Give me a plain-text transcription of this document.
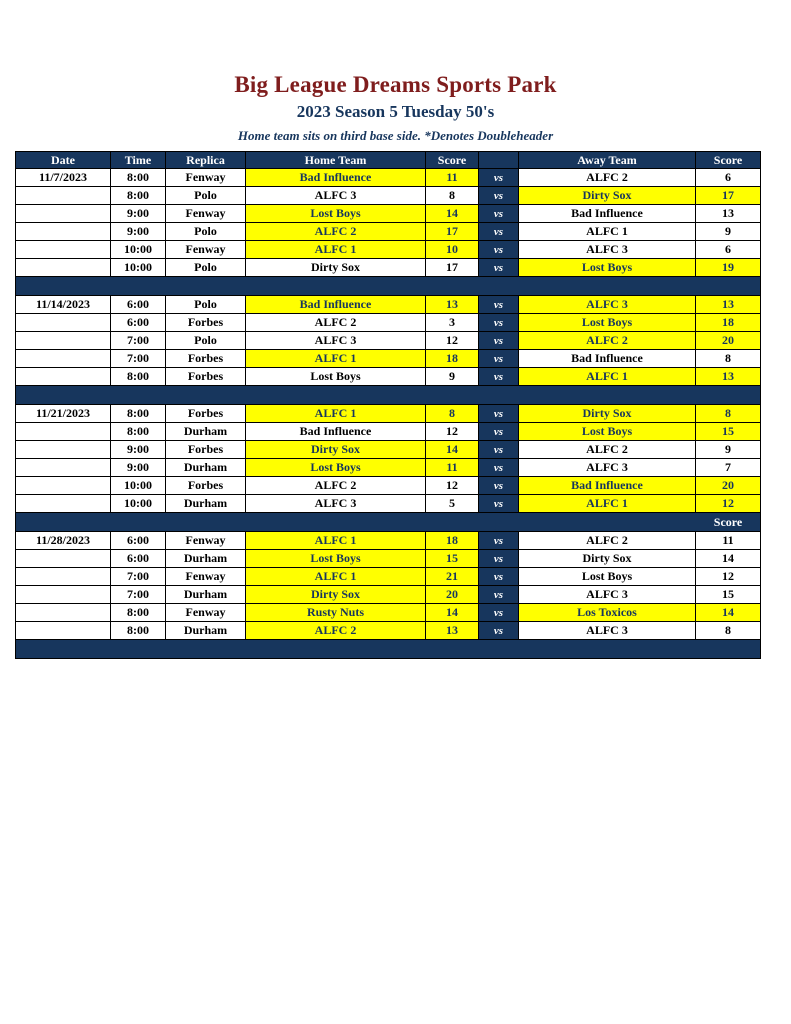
Big League Dreams Sports Park
2023 Season 5 Tuesday 50's
Home team sits on third base side. *Denotes Doubleheader
Date	Time	Replica	Home Team	Score		Away Team	Score
11/7/2023	8:00	Fenway	Bad Influence	11	vs	ALFC 2	6
	8:00	Polo	ALFC 3	8	vs	Dirty Sox	17
	9:00	Fenway	Lost Boys	14	vs	Bad Influence	13
	9:00	Polo	ALFC 2	17	vs	ALFC 1	9
	10:00	Fenway	ALFC 1	10	vs	ALFC 3	6
	10:00	Polo	Dirty Sox	17	vs	Lost Boys	19

11/14/2023	6:00	Polo	Bad Influence	13	vs	ALFC 3	13
	6:00	Forbes	ALFC 2	3	vs	Lost Boys	18
	7:00	Polo	ALFC 3	12	vs	ALFC 2	20
	7:00	Forbes	ALFC 1	18	vs	Bad Influence	8
	8:00	Forbes	Lost Boys	9	vs	ALFC 1	13

11/21/2023	8:00	Forbes	ALFC 1	8	vs	Dirty Sox	8
	8:00	Durham	Bad Influence	12	vs	Lost Boys	15
	9:00	Forbes	Dirty Sox	14	vs	ALFC 2	9
	9:00	Durham	Lost Boys	11	vs	ALFC 3	7
	10:00	Forbes	ALFC 2	12	vs	Bad Influence	20
	10:00	Durham	ALFC 3	5	vs	ALFC 1	12
							Score
11/28/2023	6:00	Fenway	ALFC 1	18	vs	ALFC 2	11
	6:00	Durham	Lost Boys	15	vs	Dirty Sox	14
	7:00	Fenway	ALFC 1	21	vs	Lost Boys	12
	7:00	Durham	Dirty Sox	20	vs	ALFC 3	15
	8:00	Fenway	Rusty Nuts	14	vs	Los Toxicos	14
	8:00	Durham	ALFC 2	13	vs	ALFC 3	8
